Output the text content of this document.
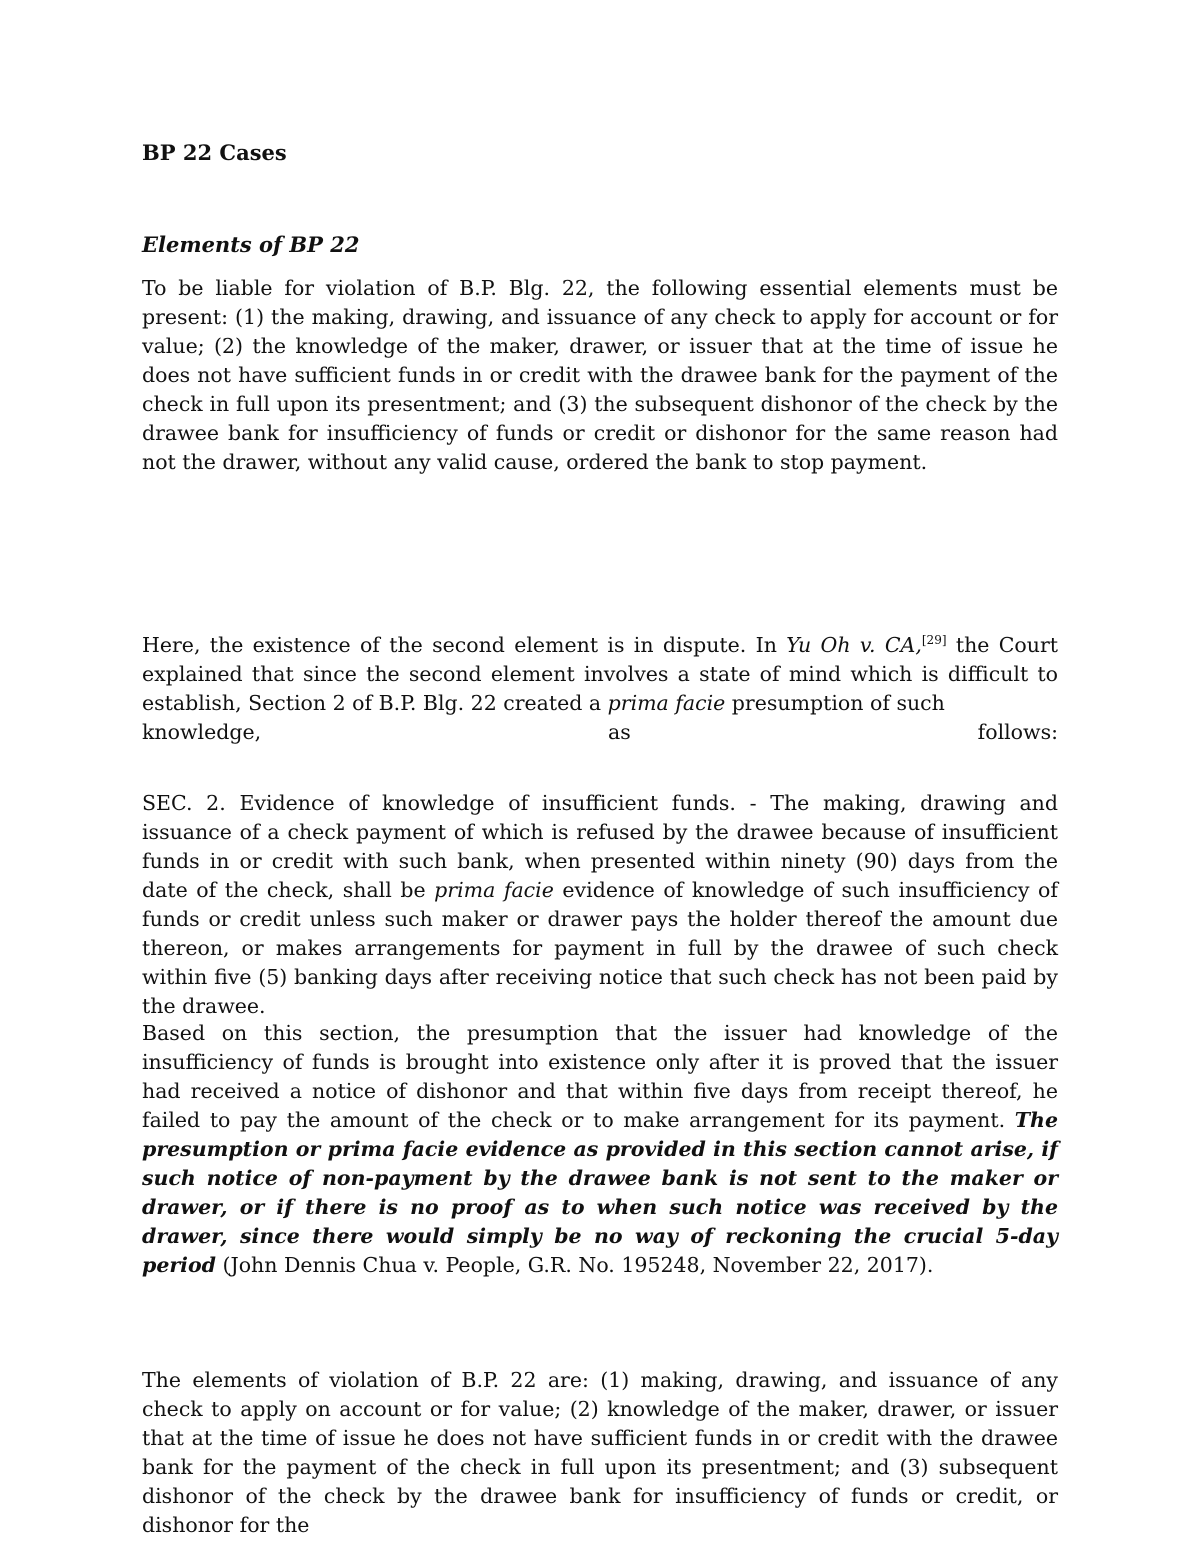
BP 22 Cases
Elements of BP 22

To be liable for violation of B.P. Blg. 22, the following essential elements must be present: (1) the making, drawing, and issuance of any check to apply for account or for value; (2) the knowledge of the maker, drawer, or issuer that at the time of issue he does not have sufficient funds in or credit with the drawee bank for the payment of the check in full upon its presentment; and (3) the subsequent dishonor of the check by the drawee bank for insufficiency of funds or credit or dishonor for the same reason had not the drawer, without any valid cause, ordered the bank to stop payment.

Here, the existence of the second element is in dispute. In Yu Oh v. CA,[29] the Court explained that since the second element involves a state of mind which is difficult to establish, Section 2 of B.P. Blg. 22 created a prima facie presumption of such
knowledge,	as	follows:

SEC. 2. Evidence of knowledge of insufficient funds. - The making, drawing and issuance of a check payment of which is refused by the drawee because of insufficient funds in or credit with such bank, when presented within ninety (90) days from the date of the check, shall be prima facie evidence of knowledge of such insufficiency of funds or credit unless such maker or drawer pays the holder thereof the amount due thereon, or makes arrangements for payment in full by the drawee of such check within five (5) banking days after receiving notice that such check has not been paid by the drawee.

Based on this section, the presumption that the issuer had knowledge of the insufficiency of funds is brought into existence only after it is proved that the issuer had received a notice of dishonor and that within five days from receipt thereof, he failed to pay the amount of the check or to make arrangement for its payment. The presumption or prima facie evidence as provided in this section cannot arise, if such notice of non-payment by the drawee bank is not sent to the maker or drawer, or if there is no proof as to when such notice was received by the drawer, since there would simply be no way of reckoning the crucial 5-day period (John Dennis Chua v. People, G.R. No. 195248, November 22, 2017).

The elements of violation of B.P. 22 are: (1) making, drawing, and issuance of any check to apply on account or for value; (2) knowledge of the maker, drawer, or issuer that at the time of issue he does not have sufficient funds in or credit with the drawee bank for the payment of the check in full upon its presentment; and (3) subsequent dishonor of the check by the drawee bank for insufficiency of funds or credit, or dishonor for the
